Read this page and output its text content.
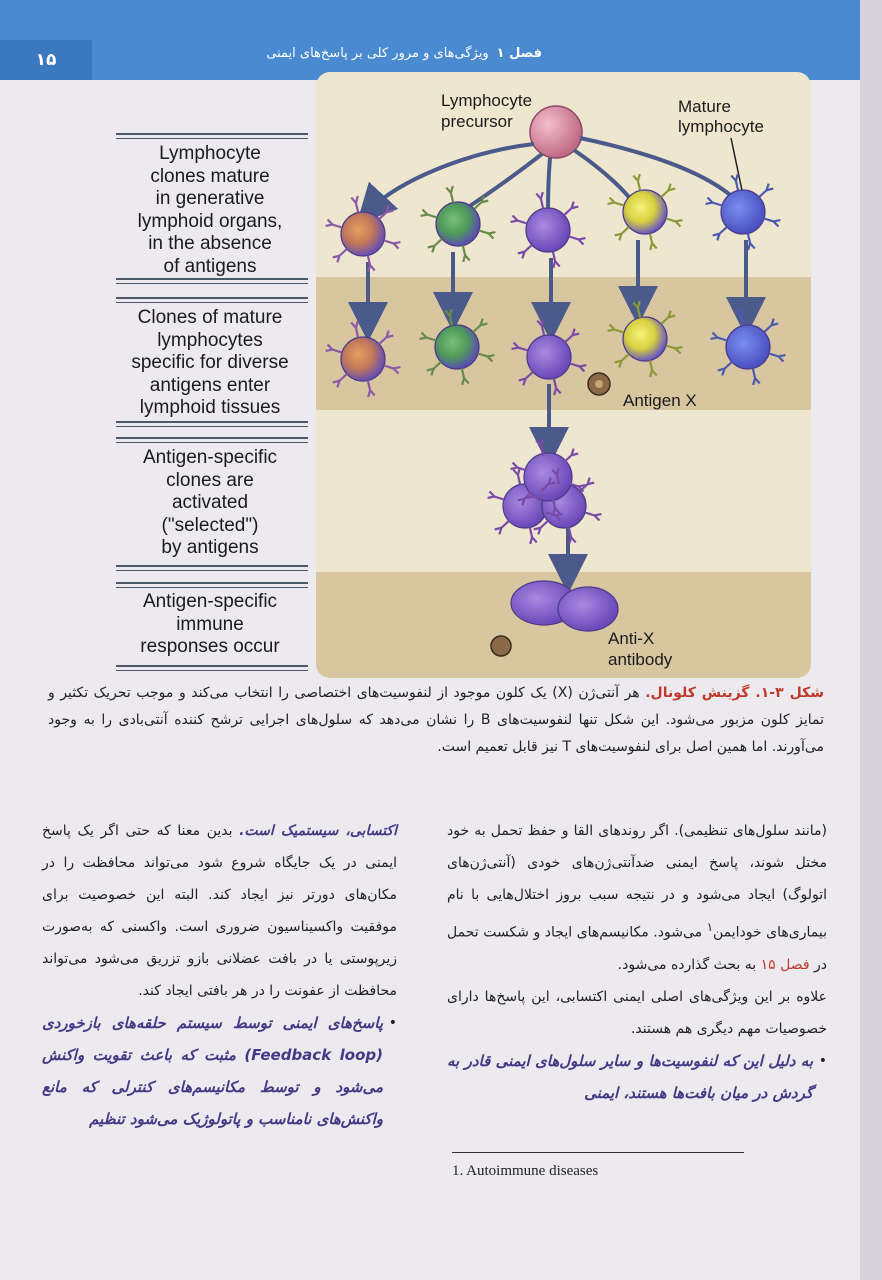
۱۵	فصل ۱ویژگی‌های و مرور کلی بر پاسخ‌های ایمنی
Lymphocyte
clones mature
in generative
lymphoid organs,
in the absence
of antigens
Clones of mature
lymphocytes
specific for diverse
antigens enter
lymphoid tissues
Antigen-specific
clones are
activated
("selected")
by antigens
Antigen-specific
immune
responses occur
Lymphocyte
precursor
Mature
lymphocyte
Antigen X
Anti-X
antibody
شکل ۳-۱. گزینش کلونال. هر آنتی‌ژن (X) یک کلون موجود از لنفوسیت‌های اختصاصی را انتخاب می‌کند و موجب تحریک تکثیر و تمایز کلون مزبور می‌شود. این شکل تنها لنفوسیت‌های B را نشان می‌دهد که سلول‌های اجرایی ترشح کننده آنتی‌بادی را به وجود می‌آورند. اما همین اصل برای لنفوسیت‌های T نیز قابل تعمیم است.
(مانند سلول‌های تنظیمی). اگر روندهای القا و حفظ تحمل به خود مختل شوند، پاسخ ایمنی ضدآنتی‌ژن‌های خودی (آنتی‌ژن‌های اتولوگ) ایجاد می‌شود و در نتیجه سبب بروز اختلال‌هایی با نام بیماری‌های خودایمن$^۱$ می‌شود. مکانیسم‌های ایجاد و شکست تحمل در فصل ۱۵ به بحث گذارده می‌شود.
علاوه بر این ویژگی‌های اصلی ایمنی اکتسابی، این پاسخ‌ها دارای خصوصیات مهم دیگری هم هستند.
•
به دلیل این که لنفوسیت‌ها و سایر سلول‌های ایمنی قادر به گردش در میان بافت‌ها هستند، ایمنی
اکتسابی، سیستمیک است. بدین معنا که حتی اگر یک پاسخ ایمنی در یک جایگاه شروع شود می‌تواند محافظت را در مکان‌های دورتر نیز ایجاد کند. البته این خصوصیت برای موفقیت واکسیناسیون ضروری است. واکسنی که به‌صورت زیرپوستی یا در بافت عضلانی بازو تزریق می‌شود می‌تواند محافظت از عفونت را در هر بافتی ایجاد کند.
•
پاسخ‌های ایمنی توسط سیستم حلقه‌های بازخوردی (Feedback loop) مثبت که باعث تقویت واکنش می‌شود و توسط مکانیسم‌های کنترلی که مانع واکنش‌های نامناسب و پاتولوژیک می‌شود تنظیم
1. Autoimmune diseases
